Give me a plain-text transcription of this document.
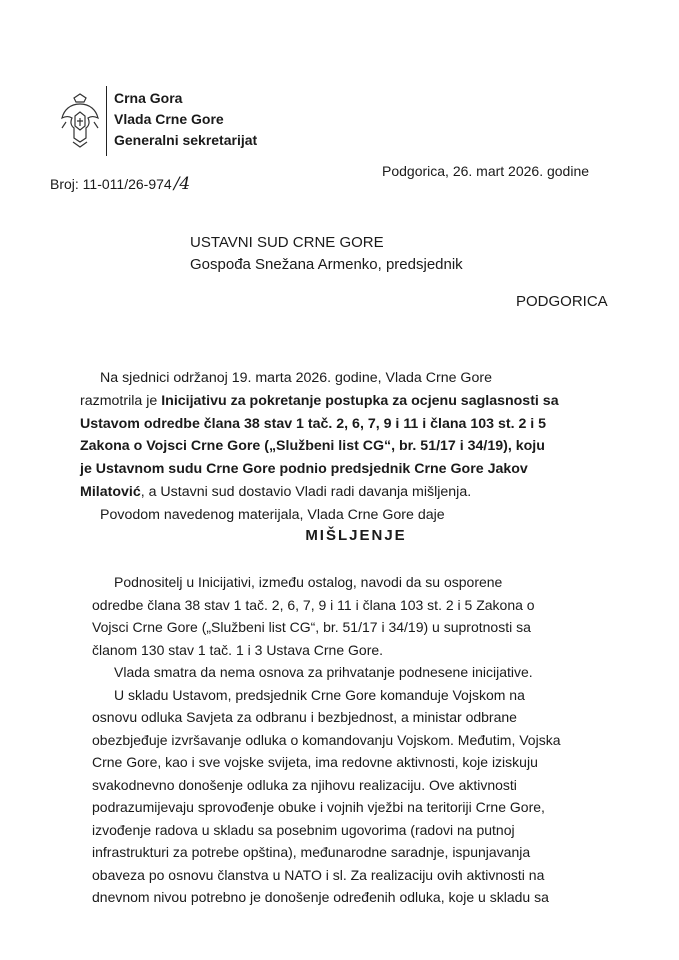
Crna Gora
Vlada Crne Gore
Generalni sekretarijat
Podgorica, 26. mart 2026. godine
Broj: 11-011/26-974 /4
USTAVNI SUD CRNE GORE
Gospođa Snežana Armenko, predsjednik
PODGORICA
Na sjednici održanoj 19. marta 2026. godine, Vlada Crne Gore
razmotrila je Inicijativu za pokretanje postupka za ocjenu saglasnosti sa
Ustavom odredbe člana 38 stav 1 tač. 2, 6, 7, 9 i 11 i člana 103 st. 2 i 5
Zakona o Vojsci Crne Gore („Službeni list CG“, br. 51/17 i 34/19), koju
je Ustavnom sudu Crne Gore podnio predsjednik Crne Gore Jakov
Milatović, a Ustavni sud dostavio Vladi radi davanja mišljenja.
Povodom navedenog materijala, Vlada Crne Gore daje
MIŠLJENJE
Podnositelj u Inicijativi, između ostalog, navodi da su osporene
odredbe člana 38 stav 1 tač. 2, 6, 7, 9 i 11 i člana 103 st. 2 i 5 Zakona o
Vojsci Crne Gore („Službeni list CG“, br. 51/17 i 34/19) u suprotnosti sa
članom 130 stav 1 tač. 1 i 3 Ustava Crne Gore.
Vlada smatra da nema osnova za prihvatanje podnesene inicijative.
U skladu Ustavom, predsjednik Crne Gore komanduje Vojskom na
osnovu odluka Savjeta za odbranu i bezbjednost, a ministar odbrane
obezbjeđuje izvršavanje odluka o komandovanju Vojskom. Međutim, Vojska
Crne Gore, kao i sve vojske svijeta, ima redovne aktivnosti, koje iziskuju
svakodnevno donošenje odluka za njihovu realizaciju. Ove aktivnosti
podrazumijevaju sprovođenje obuke i vojnih vježbi na teritoriji Crne Gore,
izvođenje radova u skladu sa posebnim ugovorima (radovi na putnoj
infrastrukturi za potrebe opština), međunarodne saradnje, ispunjavanja
obaveza po osnovu članstva u NATO i sl. Za realizaciju ovih aktivnosti na
dnevnom nivou potrebno je donošenje određenih odluka, koje u skladu sa
